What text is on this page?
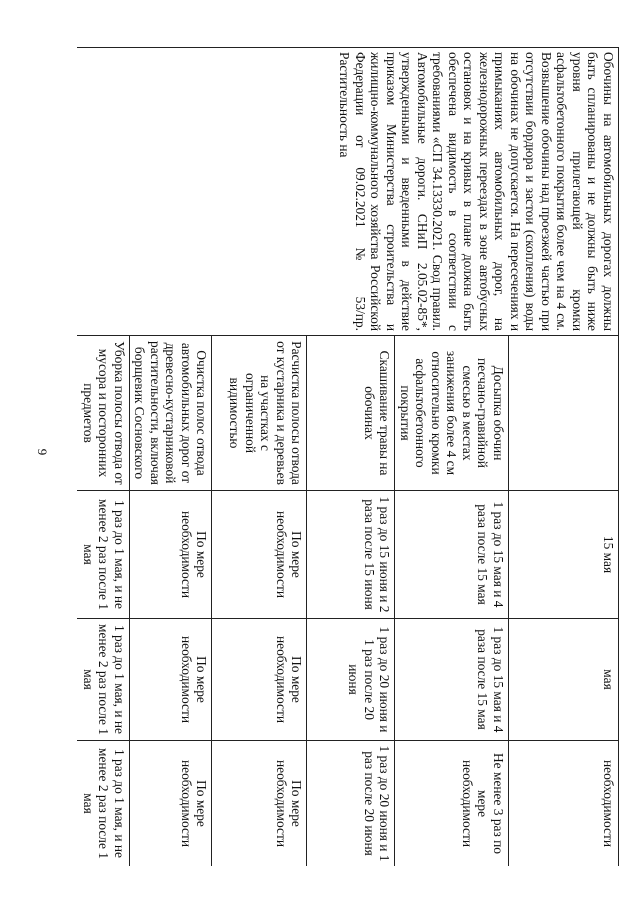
9
Обочины на автомобильных дорогах должны быть спланированы и не должны быть ниже уровня прилегающей кромки асфальтобетонного покрытия более чем на 4 см. Возвышение обочины над проезжей частью при отсутствии бордюра и застои (скопления) воды на обочинах не допускается. На пересечениях и примыканиях автомобильных дорог, на железнодорожных переездах в зоне автобусных остановок и на кривых в плане должна быть обеспечена видимость в соответствии с требованиями «СП 34.13330.2021. Свод правил. Автомобильные дороги. СНиП 2.05.02-85*, утвержденными и введенными в действие приказом Министерства строительства и жилищно-коммунального хозяйства Российской Федерации от 09.02.2021 № 53/пр. Растительность на		15 мая	мая	необходимости
	Досыпка обочин песчано-гравийной смесью в местах занижения более 4 см относительно кромки асфальтобетонного покрытия	1 раз до 15 мая и 4 раза после 15 мая	1 раз до 15 мая и 4 раза после 15 мая	Не менее 3 раз по мере необходимости
	Скашивание травы на обочинах	1 раз до 15 июня и 2 раза после 15 июня	1 раз до 20 июня и 1 раз после 20 июня	1 раз до 20 июня и 1 раз после 20 июня
	Расчистка полосы отвода от кустарника и деревьев на участках с ограниченной видимостью	По мере необходимости	По мере необходимости	По мере необходимости
	Очистка полос отвода автомобильных дорог от древесно-кустарниковой растительности, включая борщевик Сосновского	По мере необходимости	По мере необходимости	По мере необходимости
	Уборка полосы отвода от мусора и посторонних предметов	1 раз до 1 мая, и не менее 2 раз после 1 мая	1 раз до 1 мая, и не менее 2 раз после 1 мая	1 раз до 1 мая, и не менее 2 раз после 1 мая
